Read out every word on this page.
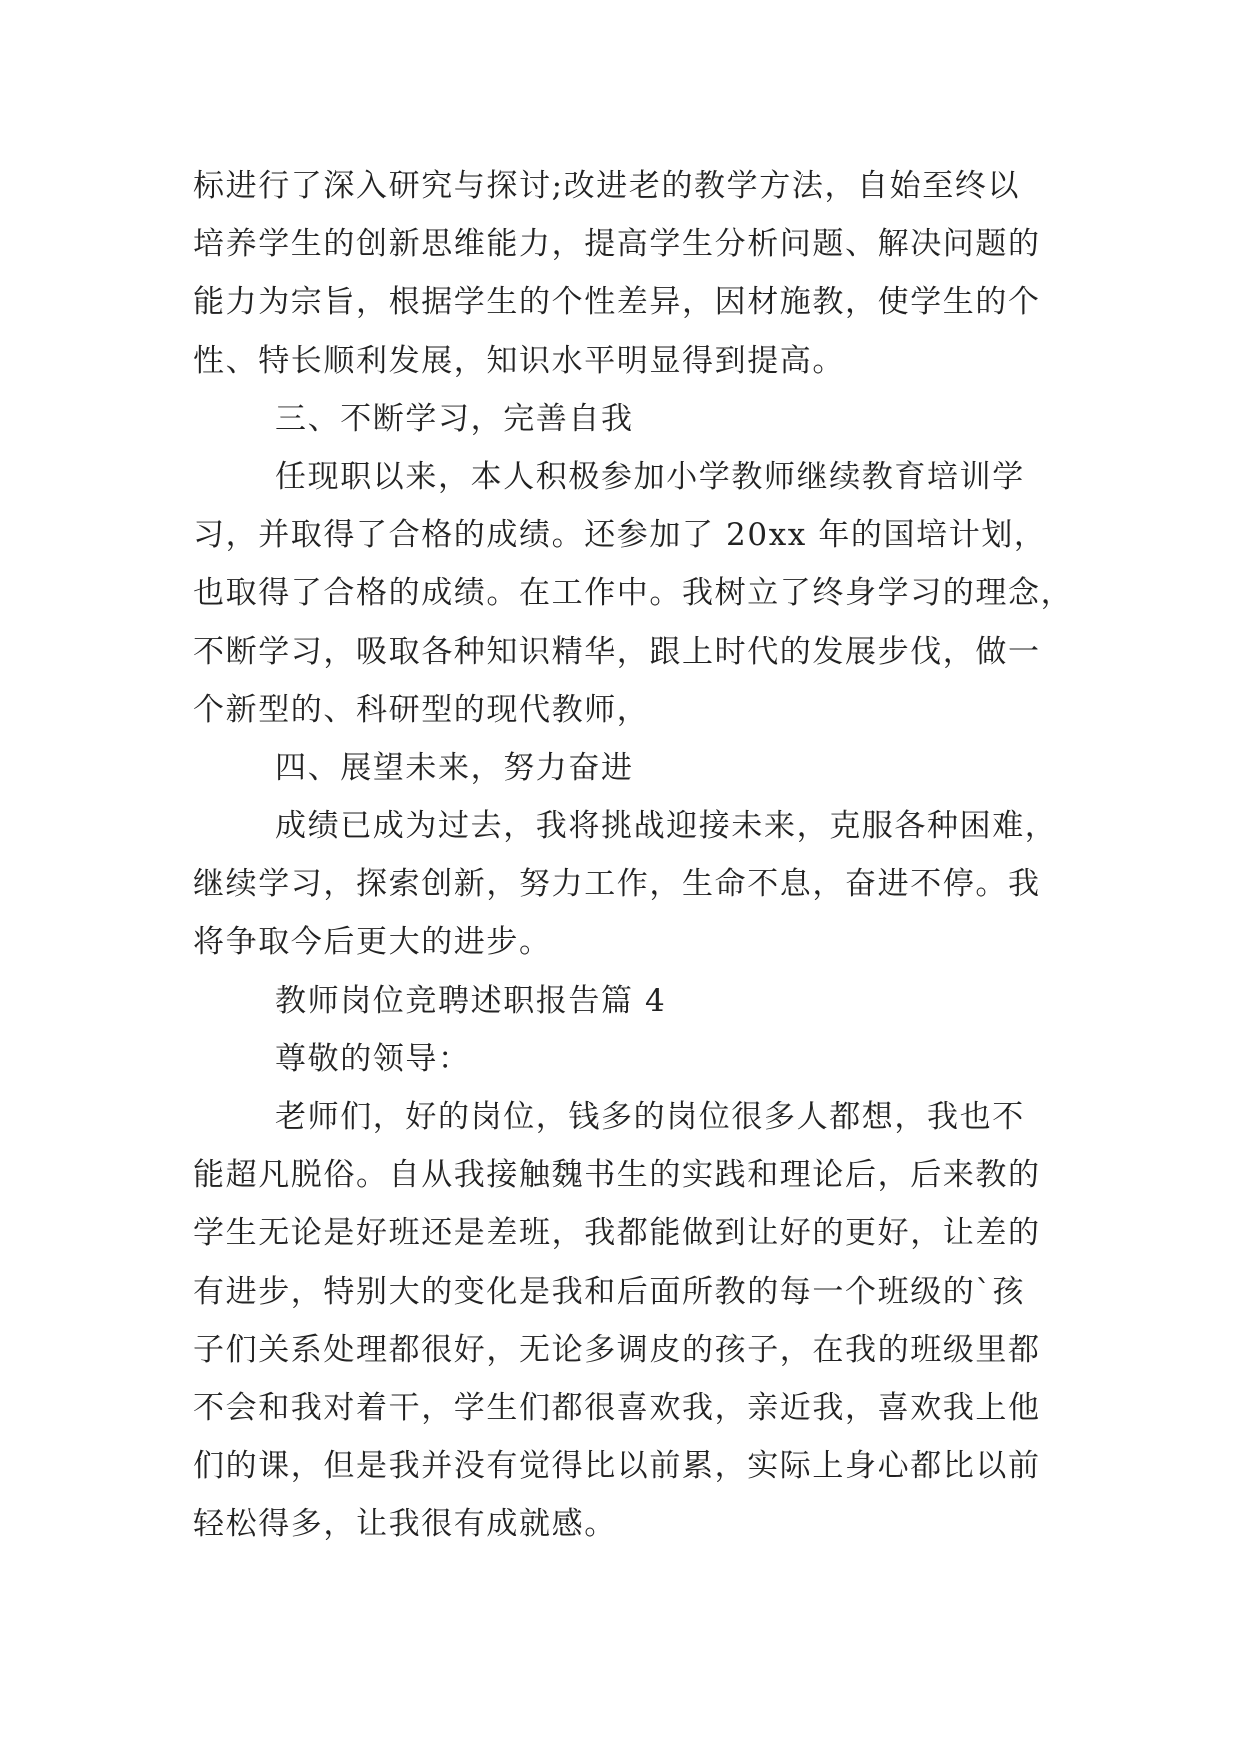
标进行了深入研究与探讨;改进老的教学方法，自始至终以
培养学生的创新思维能力，提高学生分析问题、解决问题的
能力为宗旨，根据学生的个性差异，因材施教，使学生的个
性、特长顺利发展，知识水平明显得到提高。
三、不断学习，完善自我
任现职以来，本人积极参加小学教师继续教育培训学
习，并取得了合格的成绩。还参加了 20xx 年的国培计划，
也取得了合格的成绩。在工作中。我树立了终身学习的理念，
不断学习，吸取各种知识精华，跟上时代的发展步伐，做一
个新型的、科研型的现代教师，
四、展望未来，努力奋进
成绩已成为过去，我将挑战迎接未来，克服各种困难，
继续学习，探索创新，努力工作，生命不息，奋进不停。我
将争取今后更大的进步。
教师岗位竞聘述职报告篇 4
尊敬的领导：
老师们，好的岗位，钱多的岗位很多人都想，我也不
能超凡脱俗。自从我接触魏书生的实践和理论后，后来教的
学生无论是好班还是差班，我都能做到让好的更好，让差的
有进步，特别大的变化是我和后面所教的每一个班级的`孩
子们关系处理都很好，无论多调皮的孩子，在我的班级里都
不会和我对着干，学生们都很喜欢我，亲近我，喜欢我上他
们的课，但是我并没有觉得比以前累，实际上身心都比以前
轻松得多，让我很有成就感。
